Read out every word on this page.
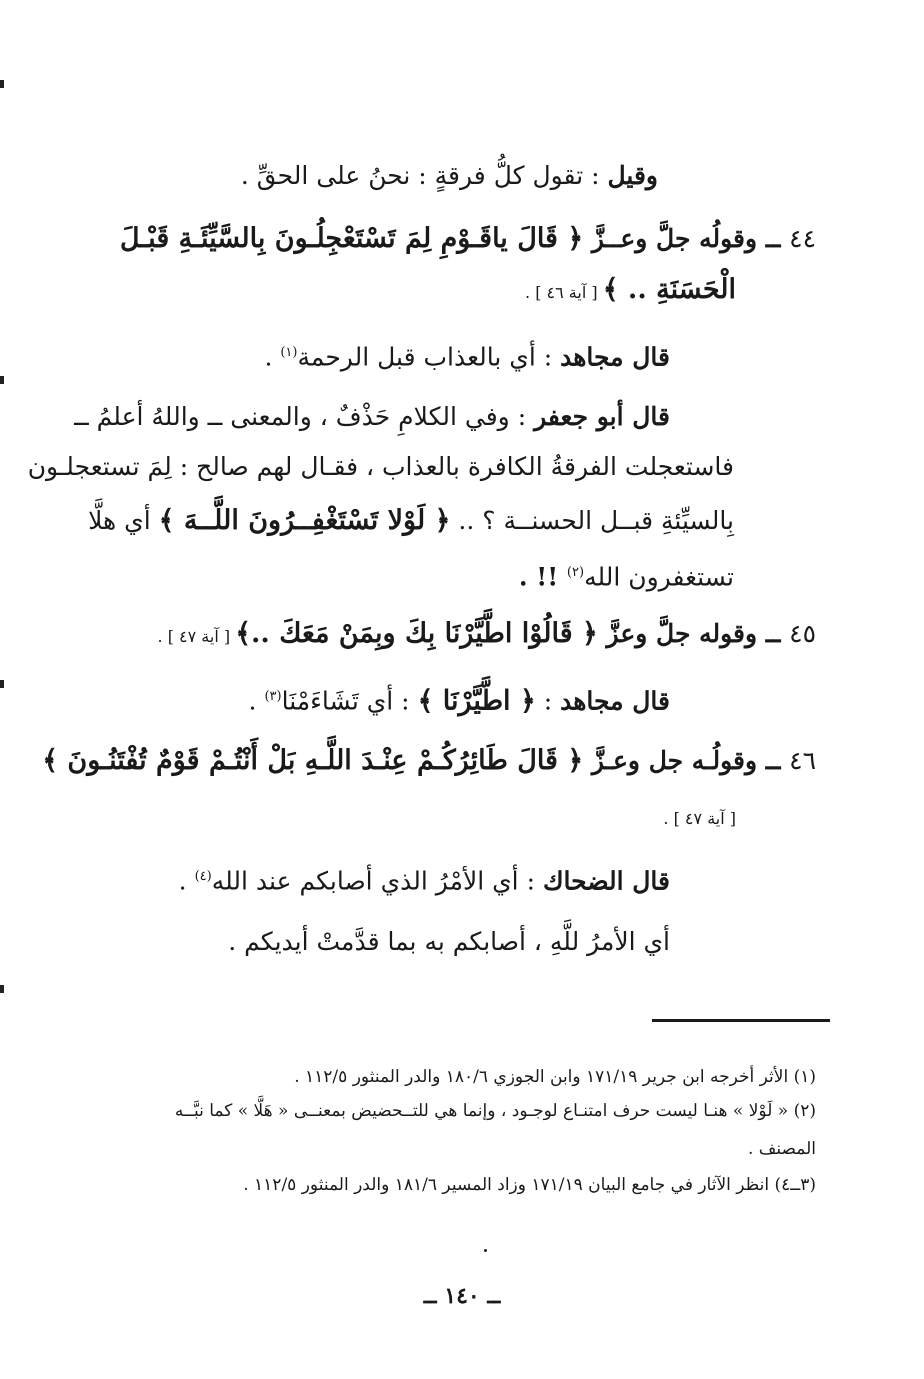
وقيل : تقول كلُّ فرقةٍ : نحنُ على الحقِّ .
٤٤ ــ وقولُه جلَّ وعــزَّ ﴿ قَالَ ياقَـوْمِ لِمَ تَسْتَعْجِلُـونَ بِالسَّيِّئَـةِ قَبْـلَ
الْحَسَنَةِ .. ﴾ [ آية ٤٦ ] .
قال مجاهد : أي بالعذاب قبل الرحمة$^{(١)}$ .
قال أبو جعفر : وفي الكلامِ حَذْفٌ ، والمعنى ــ واللهُ أعلمُ ــ
فاستعجلت الفرقةُ الكافرة بالعذاب ، فقـال لهم صالح : لِمَ تستعجلـون
بِالسيِّئةِ قبــل الحسنــة ؟ .. ﴿ لَوْلا تَسْتَغْفِــرُونَ اللَّــهَ ﴾ أي هلَّا
تستغفرون الله$^{(٢)}$ !! .
٤٥ ــ وقوله جلَّ وعزَّ ﴿ قَالُوْا اطَّيَّرْنَا بِكَ وبِمَنْ مَعَكَ ..﴾ [ آية ٤٧ ] .
قال مجاهد : ﴿ اطَّيَّرْنَا ﴾ : أي تَشَاءَمْنَا$^{(٣)}$ .
٤٦ ــ وقولُـه جل وعـزَّ ﴿ قَالَ طَائِرُكُـمْ عِنْـدَ اللَّـهِ بَلْ أَنْتُـمْ قَوْمٌ تُفْتَنُـونَ ﴾
[ آية ٤٧ ] .
قال الضحاك : أي الأمْرُ الذي أصابكم عند الله$^{(٤)}$ .
أي الأمرُ للَّهِ ، أصابكم به بما قدَّمتْ أيديكم .
(١) الأثر أخرجه ابن جرير ١٧١/١٩ وابن الجوزي ١٨٠/٦ والدر المنثور ١١٢/٥ .
(٢) « لَوْلا » هنـا ليست حرف امتنـاع لوجـود ، وإنما هي للتــحضيض بمعنــى « هَلَّا » كما نبَّــه
المصنف .
(٣ــ٤) انظر الآثار في جامع البيان ١٧١/١٩ وزاد المسير ١٨١/٦ والدر المنثور ١١٢/٥ .
ــ ١٤٠ ــ
